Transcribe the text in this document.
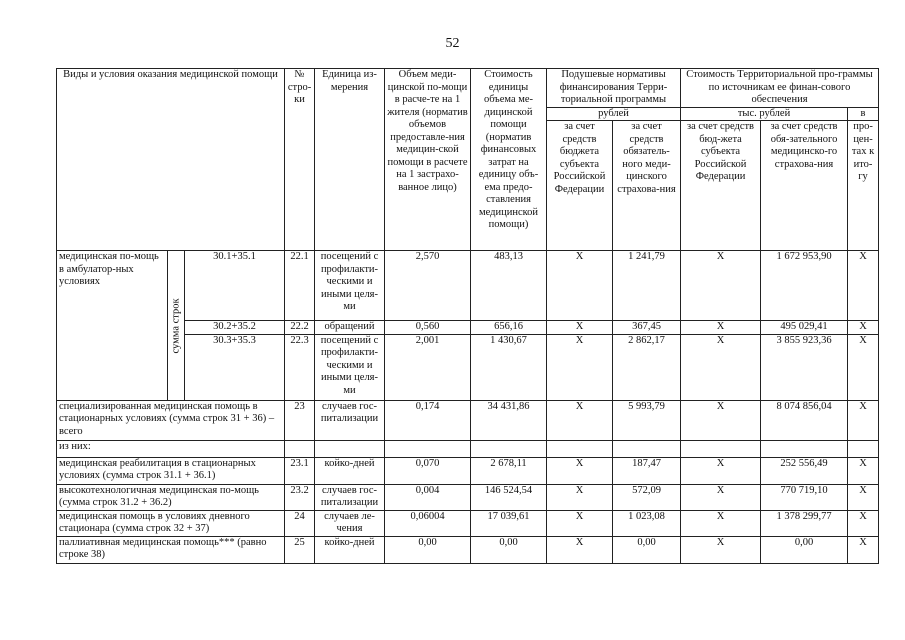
52
Виды и условия оказания медицинской помощи			№ стро-ки	Единица из-мерения	Объем меди-цинской по-мощи в расче-те на 1 жителя (норматив объемов предоставле-ния медицин-ской помощи в расчете на 1 застрахо-ванное лицо)	Стоимость единицы объема ме-дицинской помощи (норматив финансовых затрат на единицу объ-ема предо-ставления медицинской помощи)	Подушевые нормативы финансирования Терри-ториальной программы		Стоимость Территориальной про-граммы по источникам ее финан-сового обеспечения		
							рублей		тыс. рублей		в
							за счет средств бюджета субъекта Российской Федерации	за счет средств обязатель-ного меди-цинского страхова-ния	за счет средств бюд-жета субъекта Российской Федерации	за счет средств обя-зательного медицинско-го страхова-ния	про-цен-тах к ито-гу
медицинская по-мощь в амбулатор-ных условиях	сумма строк	30.1+35.1	22.1	посещений с профилакти-ческими и иными целя-ми	2,570	483,13	Х	1 241,79	Х	1 672 953,90	Х
		30.2+35.2	22.2	обращений	0,560	656,16	Х	367,45	Х	495 029,41	Х
		30.3+35.3	22.3	посещений с профилакти-ческими и иными целя-ми	2,001	1 430,67	Х	2 862,17	Х	3 855 923,36	Х
специализированная медицинская помощь в стационарных условиях (сумма строк 31 + 36) – всего			23	случаев гос-питализации	0,174	34 431,86	Х	5 993,79	Х	8 074 856,04	Х
из них:											
медицинская реабилитация в стационарных условиях (сумма строк 31.1 + 36.1)			23.1	койко-дней	0,070	2 678,11	Х	187,47	Х	252 556,49	Х
высокотехнологичная медицинская по-мощь (сумма строк 31.2 + 36.2)			23.2	случаев гос-питализации	0,004	146 524,54	Х	572,09	Х	770 719,10	Х
медицинская помощь в условиях дневного стационара (сумма строк 32 + 37)			24	случаев ле-чения	0,06004	17 039,61	Х	1 023,08	Х	1 378 299,77	Х
паллиативная медицинская помощь*** (равно строке 38)			25	койко-дней	0,00	0,00	Х	0,00	Х	0,00	Х
